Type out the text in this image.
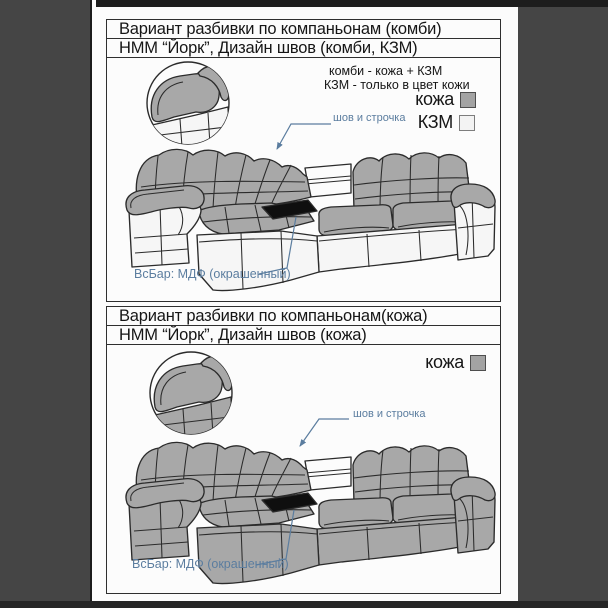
Вариант разбивки по компаньонам (комби)
НММ “Йорк”, Дизайн швов (комби, КЗМ)
комби - кожа + КЗМ
КЗМ - только в цвет кожи
кожа
КЗМ
шов и строчка
ВсБар: МДФ (окрашенный)
Вариант разбивки по компаньонам(кожа)
НММ “Йорк”, Дизайн швов (кожа)
кожа
шов и строчка
ВсБар: МДФ (окрашенный)
